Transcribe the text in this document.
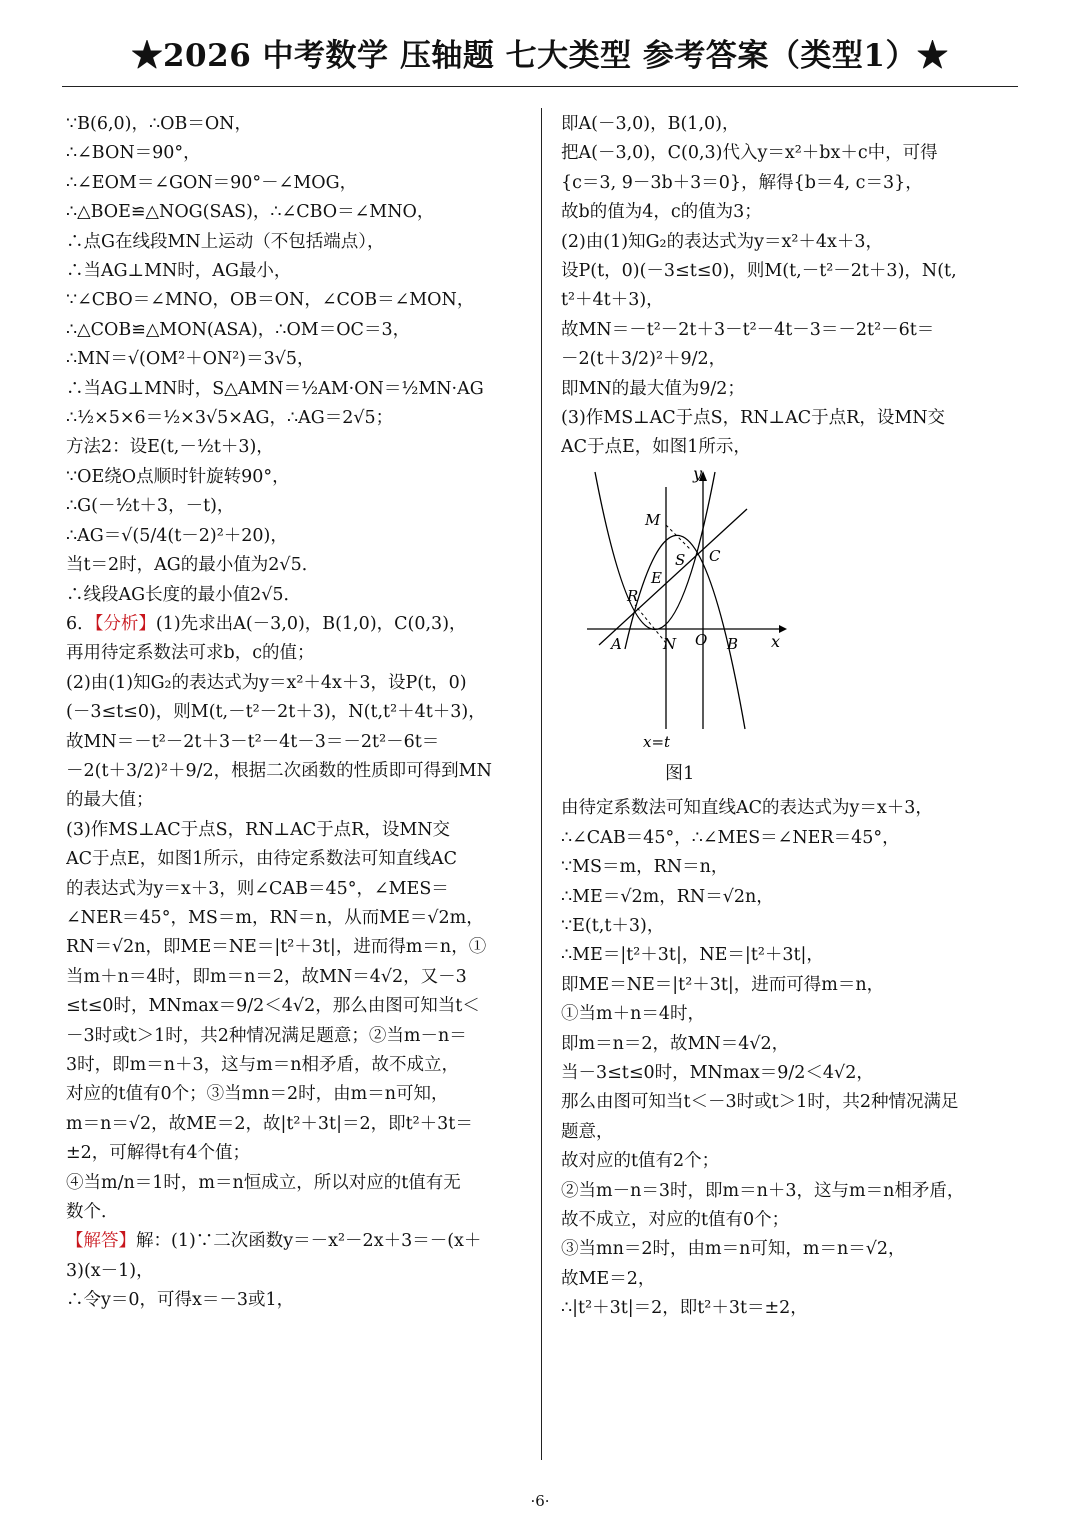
★2026 中考数学 压轴题 七大类型 参考答案（类型1）★
∵B(6,0)，∴OB＝ON，
∴∠BON＝90°，
∴∠EOM＝∠GON＝90°－∠MOG，
∴△BOE≌△NOG(SAS)，∴∠CBO＝∠MNO，
∴点G在线段MN上运动（不包括端点），
∴当AG⊥MN时，AG最小，
∵∠CBO＝∠MNO，OB＝ON，∠COB＝∠MON，
∴△COB≌△MON(ASA)，∴OM＝OC＝3，
∴MN＝√(OM²＋ON²)＝3√5，
∴当AG⊥MN时，S△AMN＝½AM·ON＝½MN·AG
∴½×5×6＝½×3√5×AG，∴AG＝2√5；
方法2：设E(t,－½t＋3)，
∵OE绕O点顺时针旋转90°，
∴G(－½t＋3，－t)，
∴AG＝√(5/4(t－2)²＋20)，
当t＝2时，AG的最小值为2√5．
∴线段AG长度的最小值2√5．
6．【分析】(1)先求出A(－3,0)，B(1,0)，C(0,3)，
再用待定系数法可求b，c的值；
(2)由(1)知G₂的表达式为y＝x²＋4x＋3，设P(t，0)
(－3≤t≤0)，则M(t,－t²－2t＋3)，N(t,t²＋4t＋3)，
故MN＝－t²－2t＋3－t²－4t－3＝－2t²－6t＝
－2(t＋3/2)²＋9/2，根据二次函数的性质即可得到MN
的最大值；
(3)作MS⊥AC于点S，RN⊥AC于点R，设MN交
AC于点E，如图1所示，由待定系数法可知直线AC
的表达式为y＝x＋3，则∠CAB＝45°，∠MES＝
∠NER＝45°，MS＝m，RN＝n，从而ME＝√2m，
RN＝√2n，即ME＝NE＝|t²＋3t|，进而得m＝n，①
当m＋n＝4时，即m＝n＝2，故MN＝4√2，又－3
≤t≤0时，MNmax＝9/2＜4√2，那么由图可知当t＜
－3时或t＞1时，共2种情况满足题意；②当m－n＝
3时，即m＝n＋3，这与m＝n相矛盾，故不成立，
对应的t值有0个；③当mn＝2时，由m＝n可知，
m＝n＝√2，故ME＝2，故|t²＋3t|＝2，即t²＋3t＝
±2，可解得t有4个值；
④当m/n＝1时，m＝n恒成立，所以对应的t值有无
数个．
【解答】解：(1)∵二次函数y＝－x²－2x＋3＝－(x＋
3)(x－1)，
∴令y＝0，可得x＝－3或1，
即A(－3,0)，B(1,0)，
把A(－3,0)，C(0,3)代入y＝x²＋bx＋c中，可得
{c＝3, 9－3b＋3＝0}，解得{b＝4, c＝3}，
故b的值为4，c的值为3；
(2)由(1)知G₂的表达式为y＝x²＋4x＋3，
设P(t，0)(－3≤t≤0)，则M(t,－t²－2t＋3)，N(t,
t²＋4t＋3)，
故MN＝－t²－2t＋3－t²－4t－3＝－2t²－6t＝
－2(t＋3/2)²＋9/2，
即MN的最大值为9/2；
(3)作MS⊥AC于点S，RN⊥AC于点R，设MN交
AC于点E，如图1所示，
y
x
M
S C
E
R
A	N O B
x=t
图1
由待定系数法可知直线AC的表达式为y＝x＋3，
∴∠CAB＝45°，∴∠MES＝∠NER＝45°，
∵MS＝m，RN＝n，
∴ME＝√2m，RN＝√2n，
∵E(t,t＋3)，
∴ME＝|t²＋3t|，NE＝|t²＋3t|，
即ME＝NE＝|t²＋3t|，进而可得m＝n，
①当m＋n＝4时，
即m＝n＝2，故MN＝4√2，
当－3≤t≤0时，MNmax＝9/2＜4√2，
那么由图可知当t＜－3时或t＞1时，共2种情况满足
题意，
故对应的t值有2个；
②当m－n＝3时，即m＝n＋3，这与m＝n相矛盾，
故不成立，对应的t值有0个；
③当mn＝2时，由m＝n可知，m＝n＝√2，
故ME＝2，
∴|t²＋3t|＝2，即t²＋3t＝±2，
·6·
